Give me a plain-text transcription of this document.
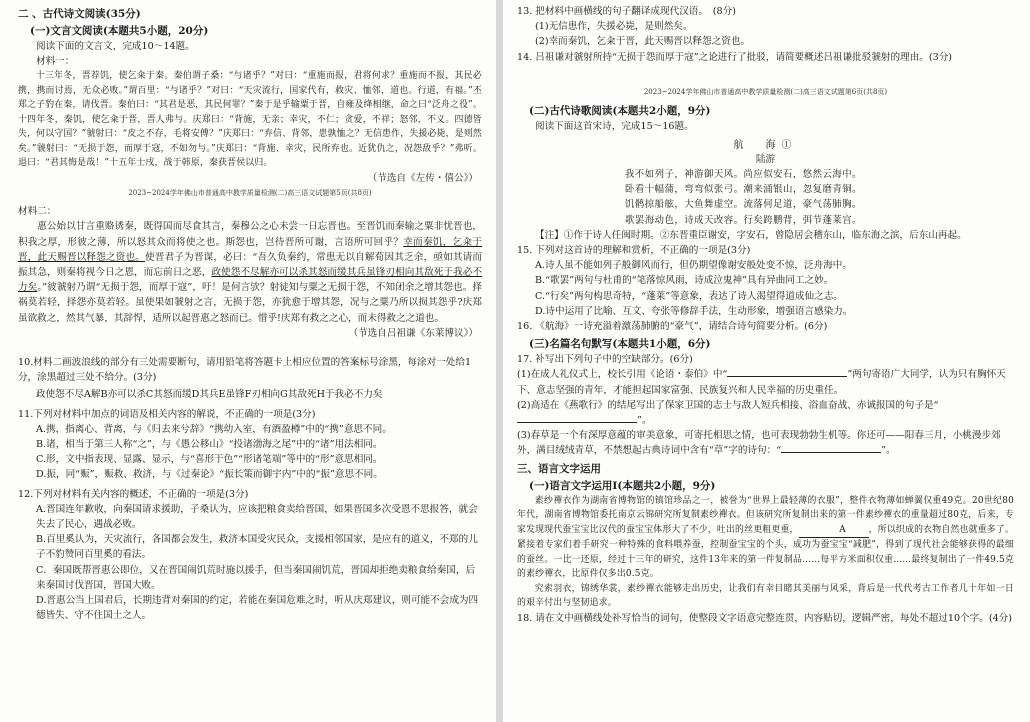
二 、古代诗文阅读(35分)
(一)文言文阅读(本题共5小题，20分)

阅读下面的文言文，完成10～14题。

材料一：

十三年冬，晋荐饥，使乞籴于秦。秦伯谓子桑：“与诸乎？”对曰：“重施而报，君将何求？重施而不报，其民必携，携而讨焉，无众必败。”谓百里：“与诸乎？”对曰：“天灾流行，国家代有，救灾、恤邻，道也。行道，有福。”丕郑之子豹在秦，请伐晋。秦伯曰：“其君是恶，其民何罪？”秦于是乎输粟于晋，自雍及绛相继，命之曰“泛舟之役”。十四年冬，秦饥，使乞籴于晋，晋人弗与。庆郑曰：“背施，无亲；幸灾，不仁；贪爱，不祥；怒邻，不义。四德皆失，何以守国？”虢射曰：“皮之不存，毛将安傅？”庆郑曰：“弃信、背邻，患孰恤之？无信患作，失援必毙，是则然矣。”虢射曰：“无损于怨，而厚于寇，不如勿与。”庆郑曰：“背施、幸灾，民所弃也。近犹仇之，况怨敌乎？”弗听。退曰：“君其悔是哉！”十五年士戌，战于韩原，秦获晋侯以归。

（节选自《左传・僖公》）

2023~2024学年佛山市普通高中教学质量检测(二)高三语文试题第5页(共8页)

材料二：

惠公始以甘言重赂诱秦，既得国而尽食其言，秦穆公之心未尝一日忘晋也。至晋饥而秦输之粟非忧晋也，积我之厚，形彼之薄，所以怒其众而将使之也。斯怨也，岂待晋所可谢，言语所可回乎？幸而秦饥，乞籴于晋，此天赐晋以释怨之资也。使晋君子为晋谋，必曰：“吾久负秦约，常患无以自解荀因其乏余，亟如其请而振其急，则秦将视今日之恩，而忘前日之恶，政使怨不尽解亦可以杀其怒而缓其兵虽锋刃相向其敌死于我必不力矣。”彼虢射乃谓“无损于怨，而厚于寇”，吁！是何言欤？射徒知与粟之无损于怨，不知闭余之增其怨也。择祸莫若轻，择怨亦莫若轻。虽使果如虢射之言，无损于怨，亦犹愈于增其怨，况与之粟乃所以损其怨乎?庆郑虽欲救之，然其气暴，其辞悍，适所以起晋惠之怒而已。惜乎!庆郑有救之之心，而未得救之之道也。

（节选自吕祖谦《东莱博议》）

10.材料二画波浪线的部分有三处需要断句，请用铅笔将答题卡上相应位置的答案标号涂黑，每涂对一处给1分，涂黑超过三处不给分。(3分)

政使怨不尽A解B亦可以杀C其怒而缓D其兵E虽锋F刃相向G其敌死H于我必不力矣

11.下列对材料中加点的词语及相关内容的解说，不正确的一项是(3分)

A.携，指离心、背离，与《归去来兮辞》“携幼入室，有酒盈樽”中的“携”意思不同。

B.诸，相当于第三人称“之”，与《愚公移山》“投诸渤海之尾”中的“诸”用法相同。

C.形，文中指表现、显露、显示，与“喜形于色”“形诸笔端”等中的“形”意思相同。

D.振，同“赈”，赈救、救济，与《过秦论》“振长策而御宇内”中的“振”意思不同。

12.下列对材料有关内容的概述，不正确的一项是(3分)

A.晋国连年歉收，向秦国请求援助，子桑认为，应该把粮食卖给晋国，如果晋国多次受恩不思报答，就会失去了民心，遇战必败。

B.百里奚认为，天灾流行，各国都会发生，救济本国受灾民众，支援相邻国家，是应有的道义，不郑的儿子不豹赞同百里奚的看法。

C．秦国既帮晋惠公即位，又在晋国闹饥荒时施以援手，但当秦国闹饥荒，晋国却拒绝卖粮食给秦国，后来秦国讨伐晋国，晋国大败。

D.晋惠公当上国君后，长期违背对秦国的约定，若能在秦国危难之时，听从庆郑建议，则可能不会成为四德皆失、守不住国土之人。

13. 把材料中画横线的句子翻译成现代汉语。　(8分)

(1)无信患作，失援必毙，是则然矣。

(2)幸而秦饥，乞籴于晋，此天赐晋以释怨之资也。

14. 吕祖谦对虢射所持“无损于怨而厚于寇”之论进行了批驳，请简要概述吕祖谦批驳虢射的理由。(3分)

2023~2024学年佛山市普通高中教学质量检测(二)高三语文试题第6页(共8页)
(二)古代诗歌阅读(本题共2小题，9分)

阅读下面这首宋诗，完成15～16题。

航　海①

陆游

我不如列子，神游御天风。尚应似安石，悠然云海中。

卧看十幅蒲，弯弯似张弓。潮来涌银山，忽复磨青铜。

饥鹘掠船舷，大鱼舞虚空。流落何足道，豪气荡肺胸。

歌罢海动色，诗成天改容。行矣跨鹏背，弭节蓬莱宫。

【注】①作于诗人任闽时期。②东晋重臣谢安，字安石，曾隐居会稽东山，临东海之滨，后东山再起。

15. 下列对这首诗的理解和赏析，不正确的一项是(3分)

A.诗人虽不能如列子般御风而行，但仍期望像谢安般处变不惊，泛舟海中。

B.“歌罢”两句与杜甫的“笔落惊风雨，诗成泣鬼神”具有异曲同工之妙。

C.“行矣”两句构思奇特，“蓬莱”等意象，表达了诗人渴望得道成仙之志。

D.诗中运用了比喻、互文、夸张等修辞手法，生动形象，增强语言感染力。

16. 《航海》一诗充溢着激荡肺腑的“豪气”，请结合诗句简要分析。(6分)

(三)名篇名句默写(本题共1小题，6分)

17. 补写出下列句子中的空缺部分。(6分)

(1)在成人礼仪式上，校长引用《论语・泰伯》中“	”两句寄语广大同学，认为只有胸怀天下、意志坚强的青年，才能担起国家富强、民族复兴和人民幸福的历史重任。

(2)高适在《燕歌行》的结尾写出了保家卫国的志士与敌人短兵相接、浴血奋战、赤诚报国的句子是“”。

(3)春草是一个有深厚意蕴的审美意象，可寄托相思之情，也可表现勃勃生机等。你还可——阳春三月，小桃漫步郊外，满目绒绒青草，不禁想起古典诗词中含有“草”字的诗句：“	”。

三、语言文字运用
(一)语言文字运用Ⅰ(本题共2小题，9分)

素纱襌衣作为湖南省博物馆的镇馆珍品之一，被誉为“世界上最轻薄的衣服”，整件衣物薄如蝉翼仅重49克。20世纪80年代，湖南省博物馆委托南京云锦研究所复制素纱襌衣。但该研究所复制出来的第一件素纱襌衣的重量超过80克，后来，专家发现现代蚕宝宝比汉代的蚕宝宝体形大了不少，吐出的丝更粗更重，	A	，所以织成的衣物自然也就重多了。紧接着专家们着手研究一种特殊的食料喂养蚕，控制蚕宝宝的个头，成功为蚕宝宝“减肥”，得到了现代社会能够获得的最细的蚕丝。一比一还原，经过十三年的研究，这件13年来的第一件复制品……每平方米面积仅重……最终复制出了一件49.5克的素纱襌衣，比原件仅多出0.5克。

究索羽衣，锦绣华裳，素纱襌衣能够走出历史，让我们有幸目睹其美丽与风采，背后是一代代考古工作者几十年如一日的艰辛付出与坚韧追求。

18. 请在文中画横线处补写恰当的词句，使整段文字语意完整连贯，内容贴切，逻辑严密，每处不超过10个字。(4分)
